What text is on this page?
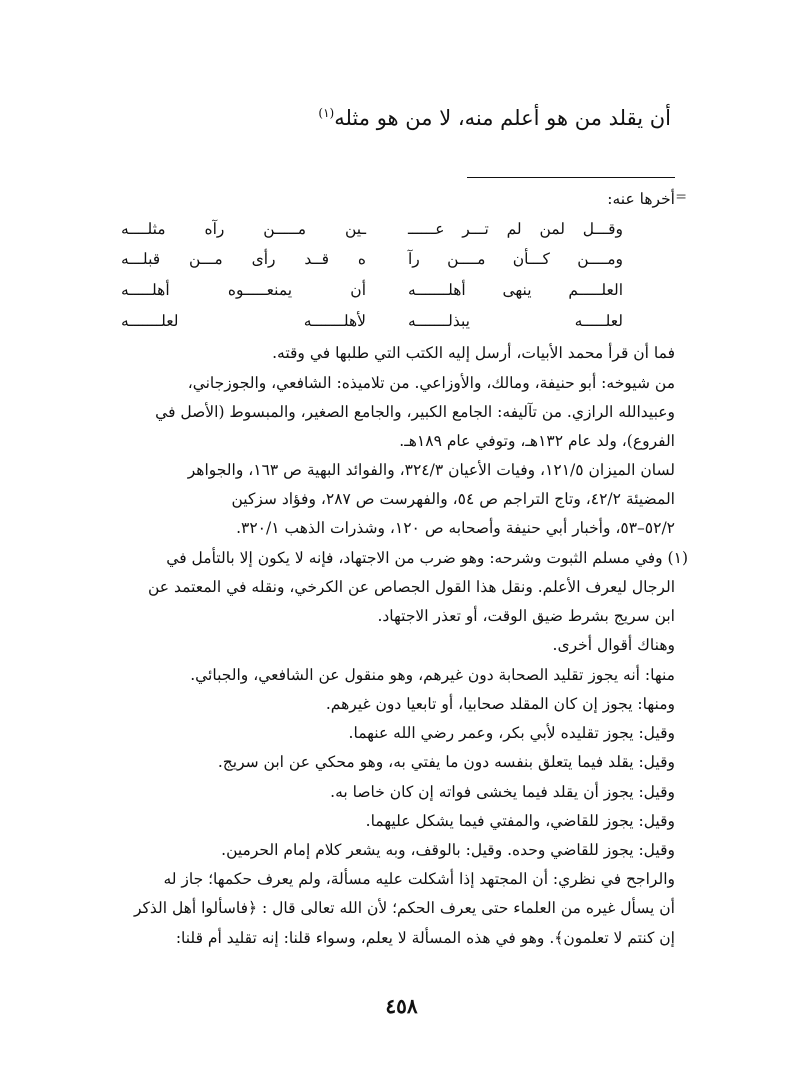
أن يقلد من هو أعلم منه، لا من هو مثله$^{(١)}$
=
أخرها عنه:
وقـــل لمن لم تـــر عــــــ
ـين مـــــن رآه مثلــــه
ومــــن كـــأن مــــن رآ
ه قــد رأى مـــن قبلـــه
العلـــــم ينهى أهلـــــــه
أن يمنعـــــوه أهلـــــه
لعلـــــه يبذلـــــــه
لأهلـــــــه لعلـــــــه
فما أن قرأ محمد الأبيات، أرسل إليه الكتب التي طلبها في وقته.
من شيوخه: أبو حنيفة، ومالك، والأوزاعي. من تلاميذه: الشافعي، والجوزجاني،
وعبيدالله الرازي. من تآليفه: الجامع الكبير، والجامع الصغير، والمبسوط (الأصل في
الفروع)، ولد عام ١٣٢هـ، وتوفي عام ١٨٩هـ.
لسان الميزان ١٢١/٥، وفيات الأعيان ٣٢٤/٣، والفوائد البهية ص ١٦٣، والجواهر
المضيئة ٤٢/٢، وتاج التراجم ص ٥٤، والفهرست ص ٢٨٧، وفؤاد سزكين
٥٢/٢–٥٣، وأخبار أبي حنيفة وأصحابه ص ١٢٠، وشذرات الذهب ٣٢٠/١.
(١) وفي مسلم الثبوت وشرحه: وهو ضرب من الاجتهاد، فإنه لا يكون إلا بالتأمل في
الرجال ليعرف الأعلم. ونقل هذا القول الجصاص عن الكرخي، ونقله في المعتمد عن
ابن سريج بشرط ضيق الوقت، أو تعذر الاجتهاد.
وهناك أقوال أخرى.
منها: أنه يجوز تقليد الصحابة دون غيرهم، وهو منقول عن الشافعي، والجبائي.
ومنها: يجوز إن كان المقلد صحابيا، أو تابعيا دون غيرهم.
وقيل: يجوز تقليده لأبي بكر، وعمر رضي الله عنهما.
وقيل: يقلد فيما يتعلق بنفسه دون ما يفتي به، وهو محكي عن ابن سريج.
وقيل: يجوز أن يقلد فيما يخشى فواته إن كان خاصا به.
وقيل: يجوز للقاضي، والمفتي فيما يشكل عليهما.
وقيل: يجوز للقاضي وحده. وقيل: بالوقف، وبه يشعر كلام إمام الحرمين.
والراجح في نظري: أن المجتهد إذا أشكلت عليه مسألة، ولم يعرف حكمها؛ جاز له
أن يسأل غيره من العلماء حتى يعرف الحكم؛ لأن الله تعالى قال : ﴿فاسألوا أهل الذكر
إن كنتم لا تعلمون﴾. وهو في هذه المسألة لا يعلم، وسواء قلنا: إنه تقليد أم قلنا:
٤٥٨
